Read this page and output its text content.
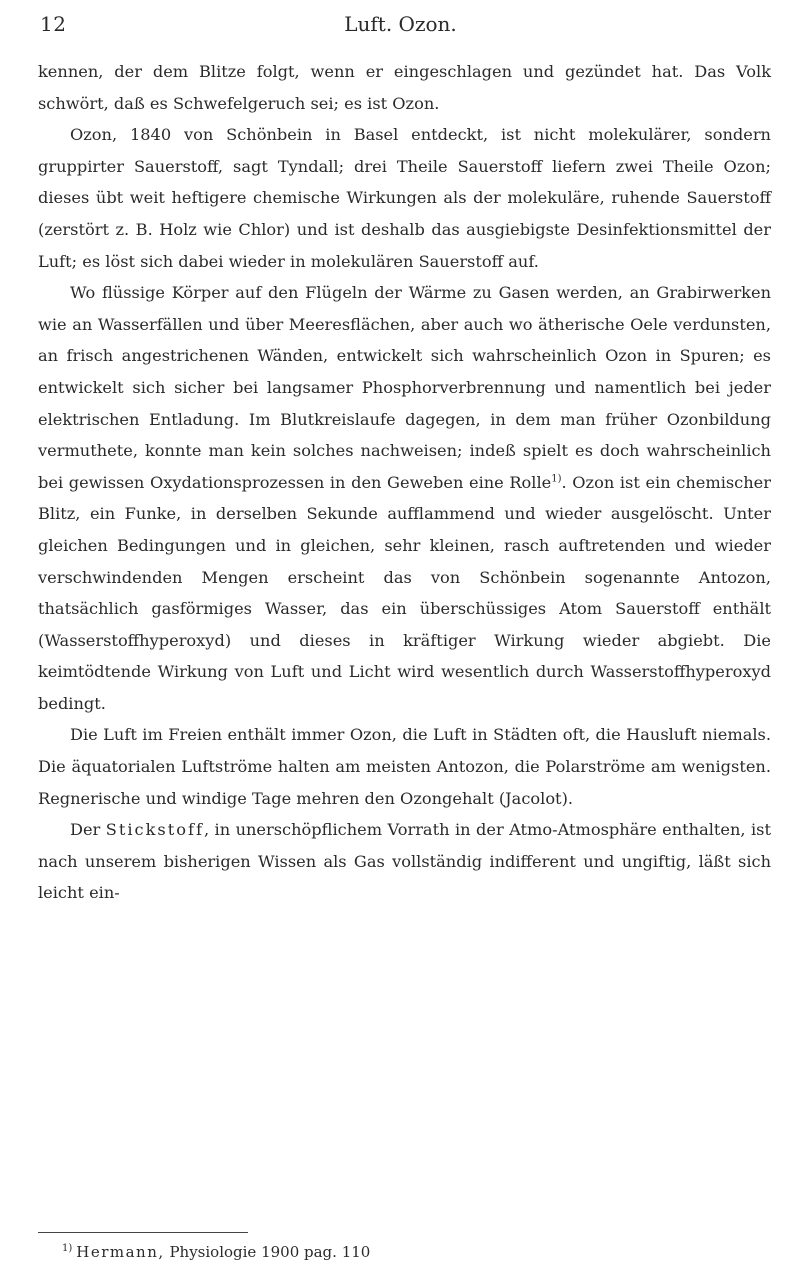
12	Luft. Ozon.

kennen, der dem Blitze folgt, wenn er eingeschlagen und gezündet hat. Das Volk schwört, daß es Schwefelgeruch sei; es ist Ozon.

Ozon, 1840 von Schönbein in Basel entdeckt, ist nicht molekulärer, sondern gruppirter Sauerstoff, sagt Tyndall; drei Theile Sauerstoff liefern zwei Theile Ozon; dieses übt weit heftigere chemische Wirkungen als der molekuläre, ruhende Sauerstoff (zerstört z. B. Holz wie Chlor) und ist deshalb das ausgiebigste Desinfektionsmittel der Luft; es löst sich dabei wieder in molekulären Sauerstoff auf.

Wo flüssige Körper auf den Flügeln der Wärme zu Gasen werden, an Grabirwerken wie an Wasserfällen und über Meeresflächen, aber auch wo ätherische Oele verdunsten, an frisch angestrichenen Wänden, entwickelt sich wahrscheinlich Ozon in Spuren; es entwickelt sich sicher bei langsamer Phosphorverbrennung und namentlich bei jeder elektrischen Entladung. Im Blutkreislaufe dagegen, in dem man früher Ozonbildung vermuthete, konnte man kein solches nachweisen; indeß spielt es doch wahrscheinlich bei gewissen Oxydationsprozessen in den Geweben eine Rolle$^{1)}$. Ozon ist ein chemischer Blitz, ein Funke, in derselben Sekunde aufflammend und wieder ausgelöscht. Unter gleichen Bedingungen und in gleichen, sehr kleinen, rasch auftretenden und wieder verschwindenden Mengen erscheint das von Schönbein sogenannte Antozon, thatsächlich gasförmiges Wasser, das ein überschüssiges Atom Sauerstoff enthält (Wasserstoffhyperoxyd) und dieses in kräftiger Wirkung wieder abgiebt. Die keimtödtende Wirkung von Luft und Licht wird wesentlich durch Wasserstoffhyperoxyd bedingt.

Die Luft im Freien enthält immer Ozon, die Luft in Städten oft, die Hausluft niemals. Die äquatorialen Luftströme halten am meisten Antozon, die Polarströme am wenigsten. Regnerische und windige Tage mehren den Ozongehalt (Jacolot).

Der Stickstoff, in unerschöpflichem Vorrath in der Atmo-Atmosphäre enthalten, ist nach unserem bisherigen Wissen als Gas vollständig indifferent und ungiftig, läßt sich leicht ein-

$^{1)}$ Hermann, Physiologie 1900 pag. 110
